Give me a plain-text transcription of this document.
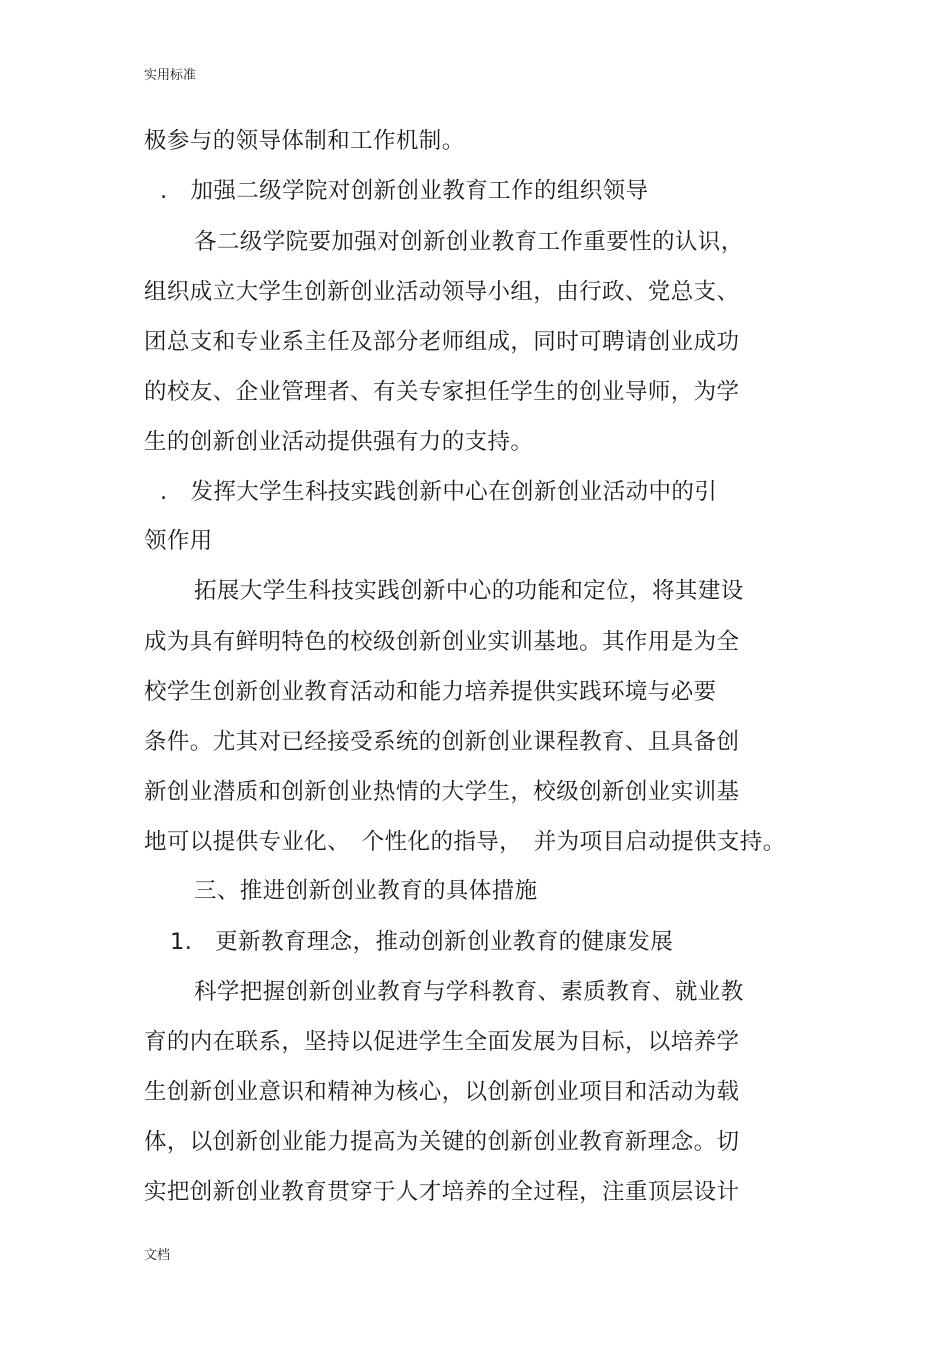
实用标准
极参与的领导体制和工作机制。
.　加强二级学院对创新创业教育工作的组织领导
各二级学院要加强对创新创业教育工作重要性的认识，
组织成立大学生创新创业活动领导小组，由行政、党总支、
团总支和专业系主任及部分老师组成，同时可聘请创业成功
的校友、企业管理者、有关专家担任学生的创业导师，为学
生的创新创业活动提供强有力的支持。
.　发挥大学生科技实践创新中心在创新创业活动中的引
领作用
拓展大学生科技实践创新中心的功能和定位，将其建设
成为具有鲜明特色的校级创新创业实训基地。其作用是为全
校学生创新创业教育活动和能力培养提供实践环境与必要
条件。尤其对已经接受系统的创新创业课程教育、且具备创
新创业潜质和创新创业热情的大学生，校级创新创业实训基
地可以提供专业化、　个性化的指导，　并为项目启动提供支持。
三、推进创新创业教育的具体措施
1.　更新教育理念，推动创新创业教育的健康发展
科学把握创新创业教育与学科教育、素质教育、就业教
育的内在联系，坚持以促进学生全面发展为目标，以培养学
生创新创业意识和精神为核心，以创新创业项目和活动为载
体，以创新创业能力提高为关键的创新创业教育新理念。切
实把创新创业教育贯穿于人才培养的全过程，注重顶层设计
文档
